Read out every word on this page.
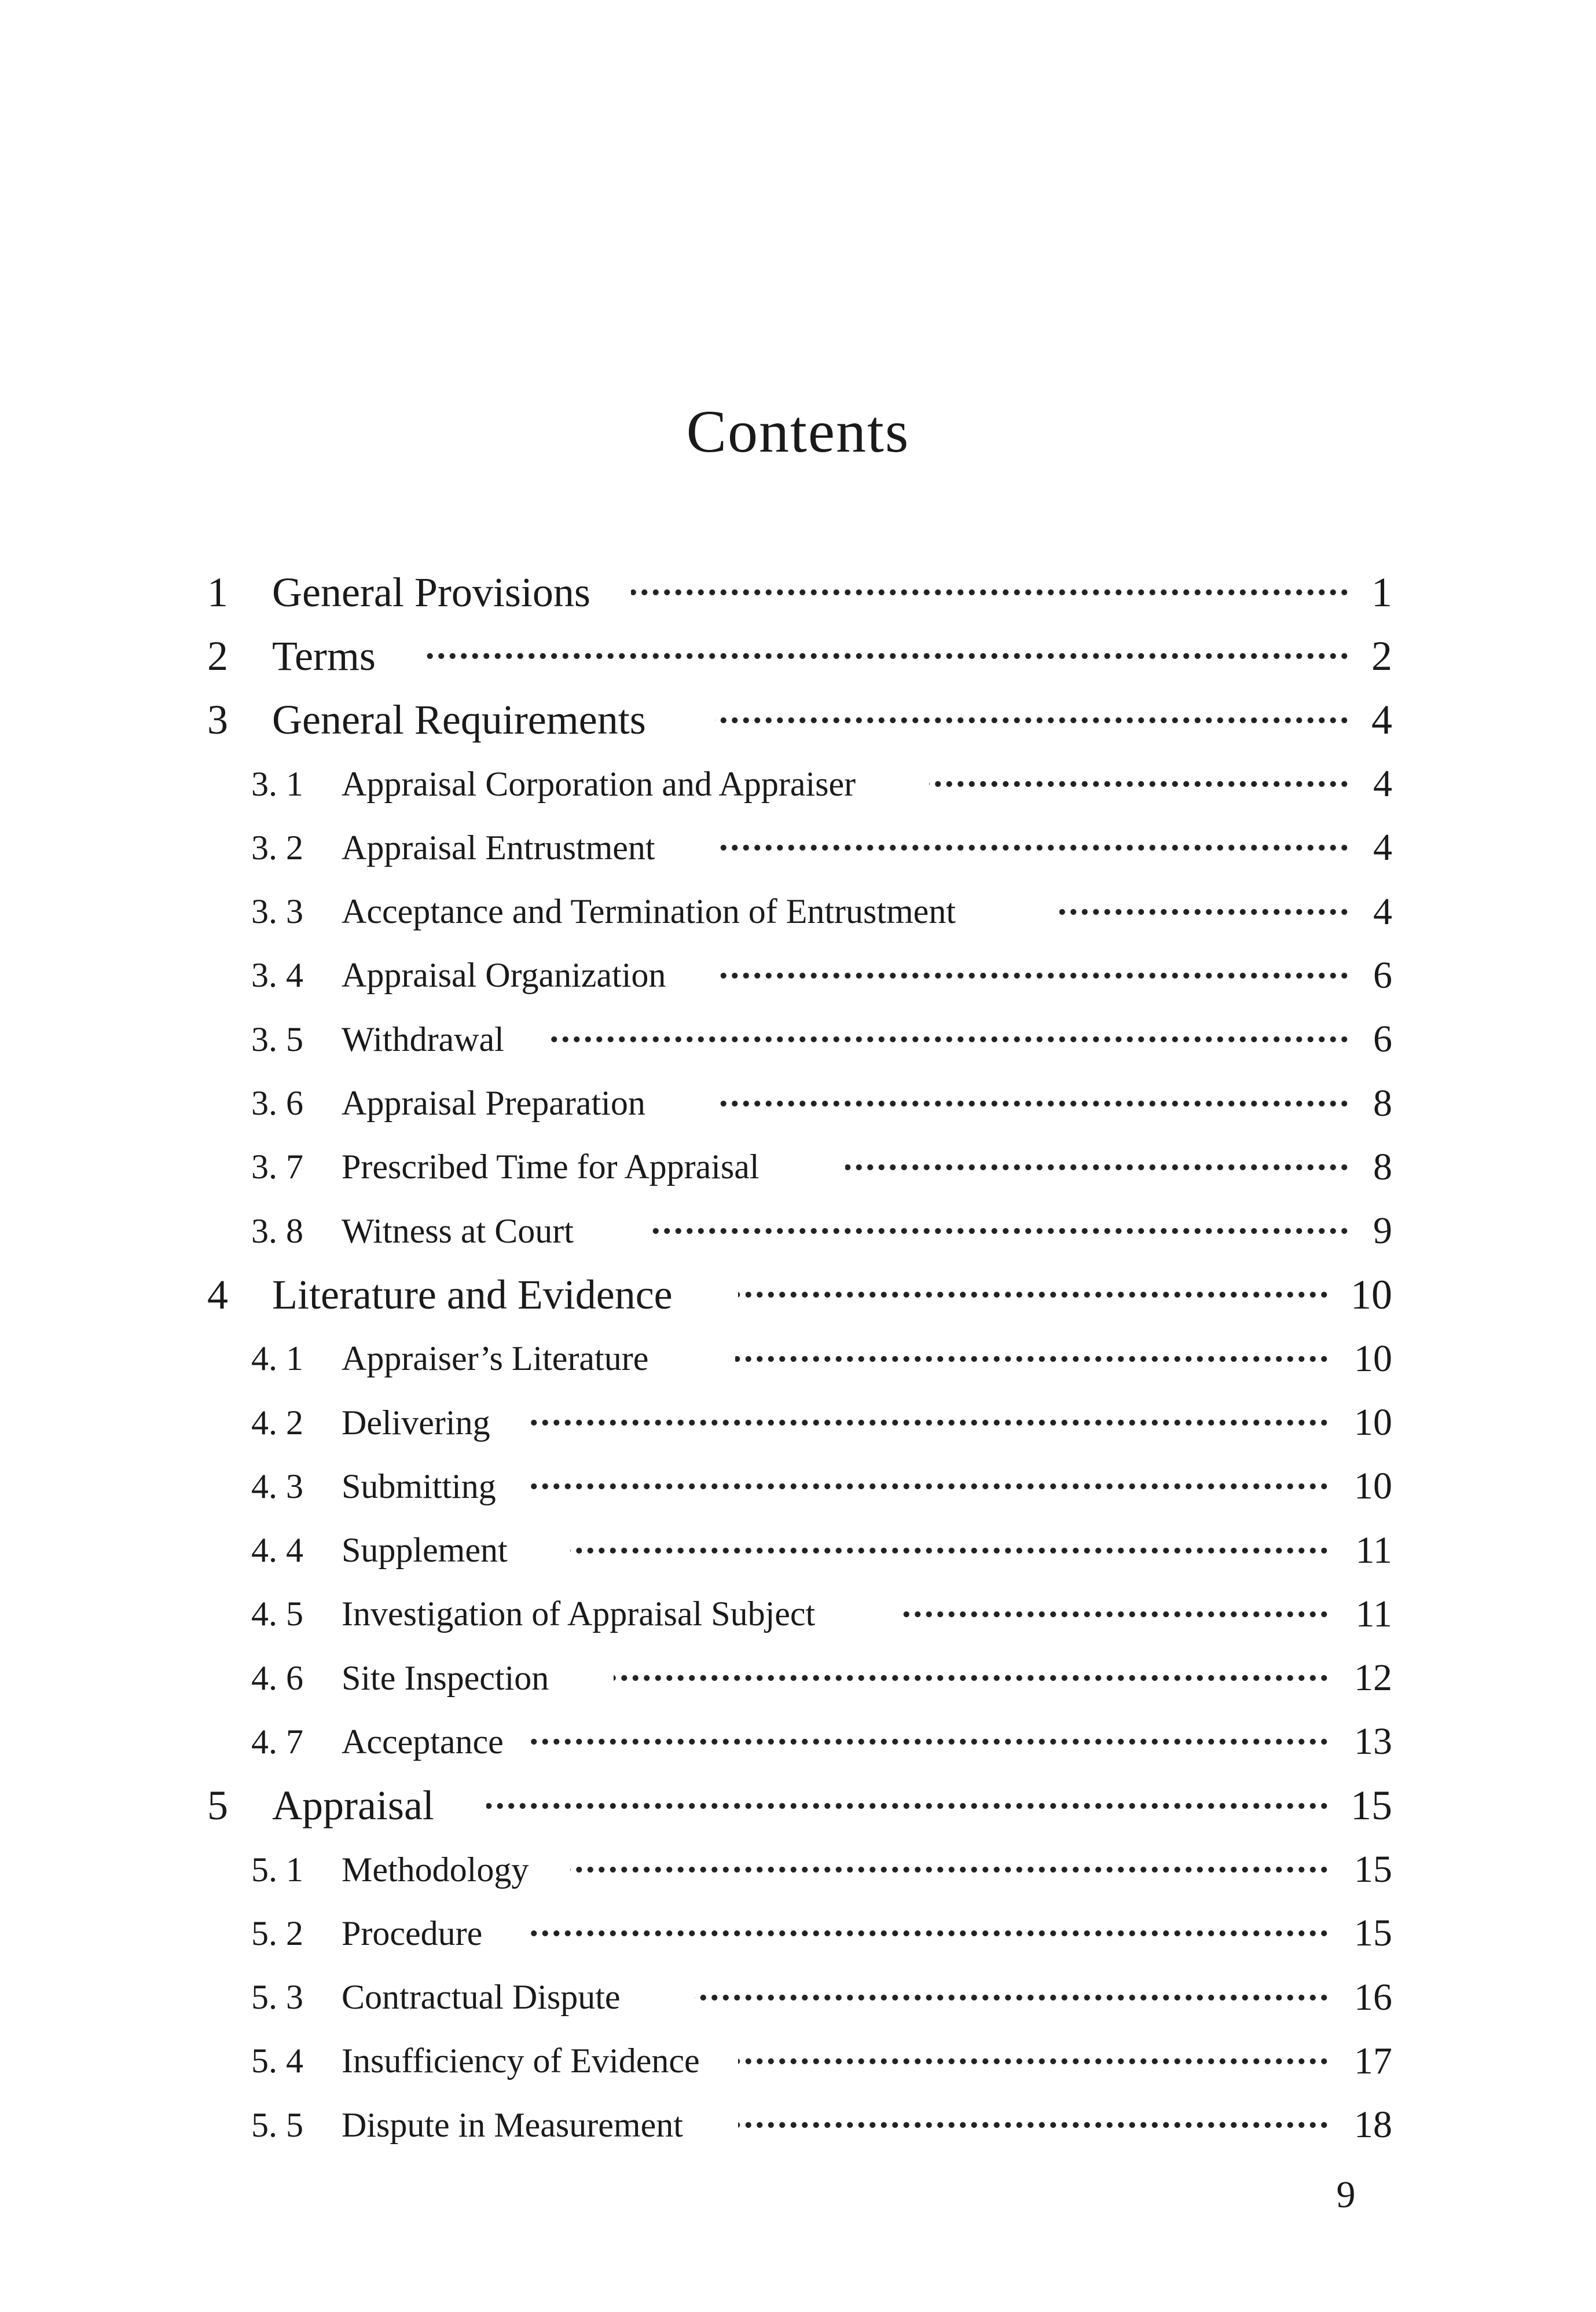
Contents
1 General Provisions	1
2 Terms	2
3 General Requirements	4
3. 1 Appraisal Corporation and Appraiser	4
3. 2 Appraisal Entrustment	4
3. 3 Acceptance and Termination of Entrustment	4
3. 4 Appraisal Organization	6
3. 5 Withdrawal	6
3. 6 Appraisal Preparation	8
3. 7 Prescribed Time for Appraisal	8
3. 8 Witness at Court	9
4 Literature and Evidence	10
4. 1 Appraiser’s Literature	10
4. 2 Delivering	10
4. 3 Submitting	10
4. 4 Supplement	11
4. 5 Investigation of Appraisal Subject	11
4. 6 Site Inspection	12
4. 7 Acceptance	13
5 Appraisal	15
5. 1 Methodology	15
5. 2 Procedure	15
5. 3 Contractual Dispute	16
5. 4 Insufficiency of Evidence	17
5. 5 Dispute in Measurement	18
9
